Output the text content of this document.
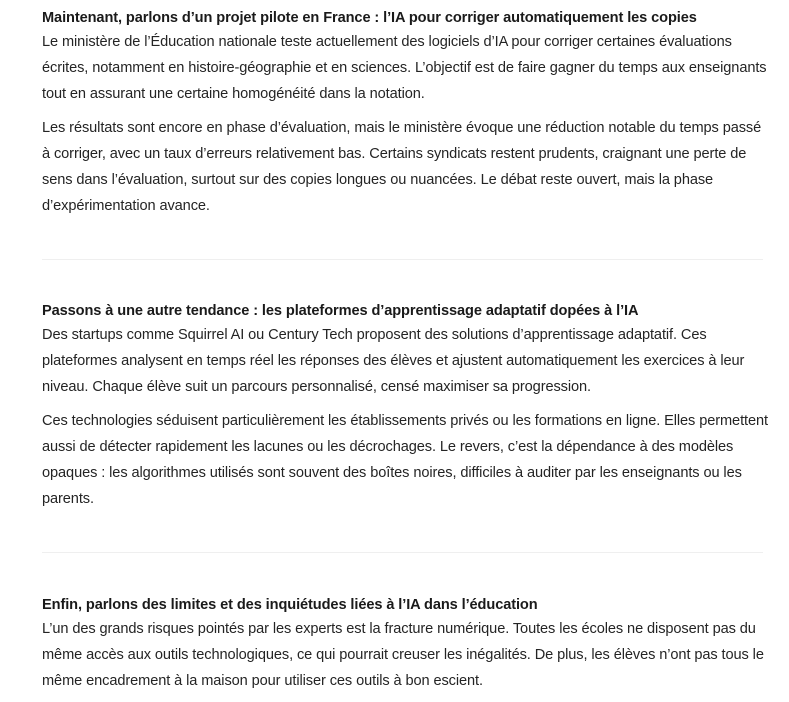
Maintenant, parlons d’un projet pilote en France : l’IA pour corriger automatiquement les copies

Le ministère de l’Éducation nationale teste actuellement des logiciels d’IA pour corriger certaines évaluations écrites, notamment en histoire-géographie et en sciences. L’objectif est de faire gagner du temps aux enseignants tout en assurant une certaine homogénéité dans la notation.

Les résultats sont encore en phase d’évaluation, mais le ministère évoque une réduction notable du temps passé à corriger, avec un taux d’erreurs relativement bas. Certains syndicats restent prudents, craignant une perte de sens dans l’évaluation, surtout sur des copies longues ou nuancées. Le débat reste ouvert, mais la phase d’expérimentation avance.

Passons à une autre tendance : les plateformes d’apprentissage adaptatif dopées à l’IA

Des startups comme Squirrel AI ou Century Tech proposent des solutions d’apprentissage adaptatif. Ces plateformes analysent en temps réel les réponses des élèves et ajustent automatiquement les exercices à leur niveau. Chaque élève suit un parcours personnalisé, censé maximiser sa progression.

Ces technologies séduisent particulièrement les établissements privés ou les formations en ligne. Elles permettent aussi de détecter rapidement les lacunes ou les décrochages. Le revers, c’est la dépendance à des modèles opaques : les algorithmes utilisés sont souvent des boîtes noires, difficiles à auditer par les enseignants ou les parents.

Enfin, parlons des limites et des inquiétudes liées à l’IA dans l’éducation

L’un des grands risques pointés par les experts est la fracture numérique. Toutes les écoles ne disposent pas du même accès aux outils technologiques, ce qui pourrait creuser les inégalités. De plus, les élèves n’ont pas tous le même encadrement à la maison pour utiliser ces outils à bon escient.
